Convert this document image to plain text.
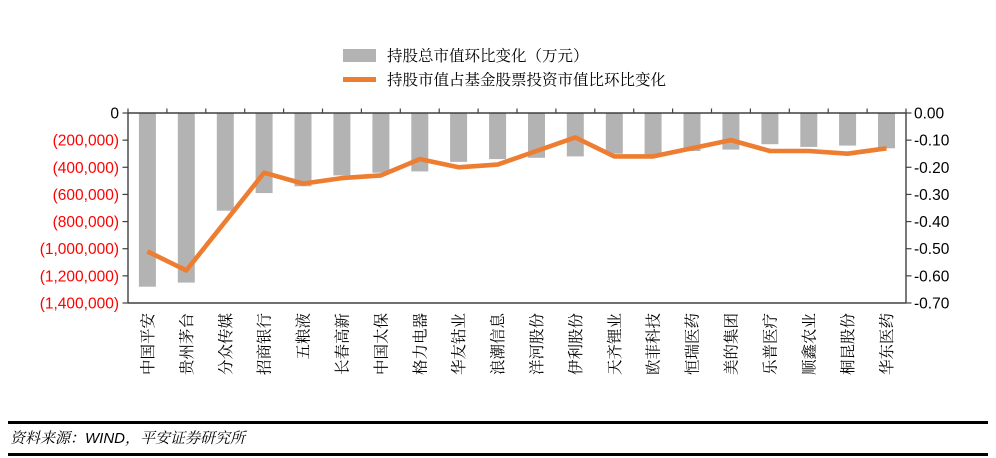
持股总市值环比变化（万元）
持股市值占基金股票投资市值比环比变化
0	0.00
(200,000)	-0.10
(400,000)	-0.20
(600,000)	-0.30
(800,000)	-0.40
(1,000,000)	-0.50
(1,200,000)	-0.60
(1,400,000)	-0.70
中国平安 贵州茅台 分众传媒 招商银行 五粮液 长春高新 中国太保 格力电器 华友钴业 浪潮信息 洋河股份 伊利股份 天齐锂业 欧菲科技 恒瑞医药 美的集团 乐普医疗 顺鑫农业 桐昆股份 华东医药
资料来源：WIND，平安证券研究所
